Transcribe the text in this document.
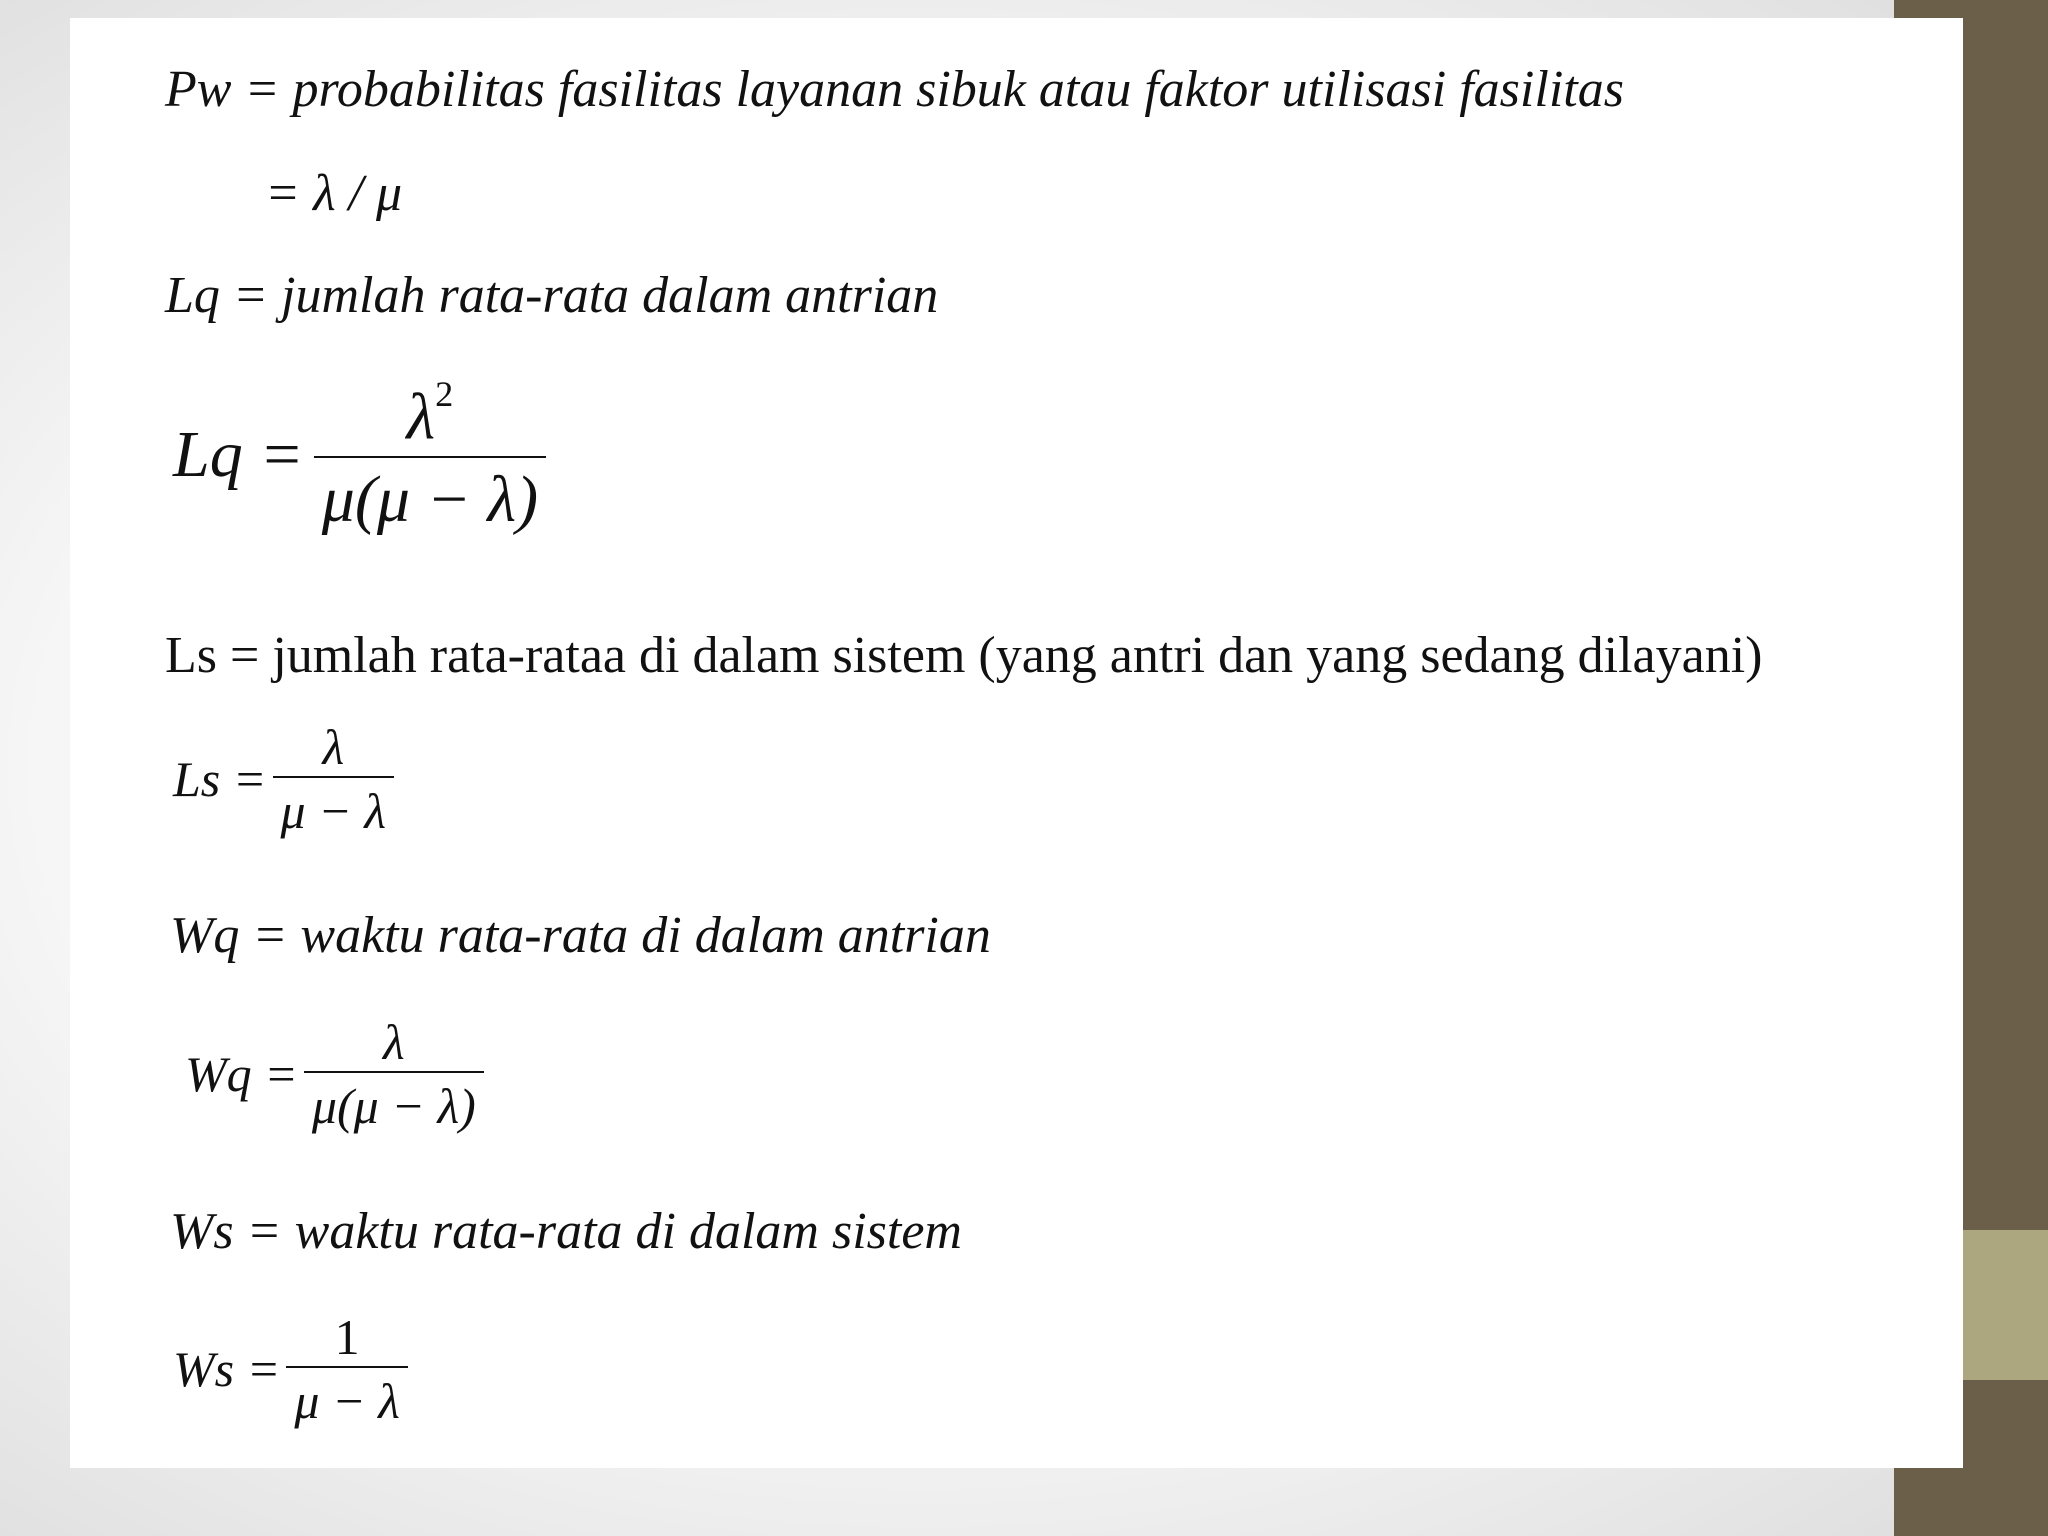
Pw = probabilitas fasilitas layanan sibuk atau faktor utilisasi fasilitas
= λ / μ
Lq = jumlah rata-rata dalam antrian
$Lq = \frac{\lambda^2}{\mu(\mu - \lambda)}$
Ls = jumlah rata-rataa di dalam sistem (yang antri dan yang sedang dilayani)
$Ls = \frac{\lambda}{\mu - \lambda}$
Wq = waktu rata-rata di dalam antrian
$Wq = \frac{\lambda}{\mu(\mu - \lambda)}$
Ws = waktu rata-rata di dalam sistem
$Ws = \frac{1}{\mu - \lambda}$
